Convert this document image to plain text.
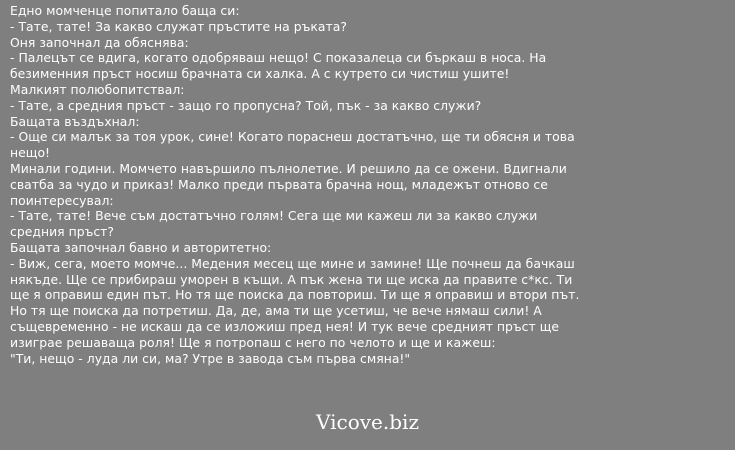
Едно момченце попитало баща си:
- Тате, тате! За какво служат пръстите на ръката?
Оня започнал да обяснява:
- Палецът се вдига, когато одобряваш нещо! С показалеца си бъркаш в носа. На
безименния пръст носиш брачната си халка. А с кутрето си чистиш ушите!
Малкият полюбопитствал:
- Тате, а средния пръст - защо го пропусна? Той, пък - за какво служи?
Бащата въздъхнал:
- Още си малък за тоя урок, сине! Когато пораснеш достатъчно, ще ти обясня и това
нещо!
Минали години. Момчето навършило пълнолетие. И решило да се ожени. Вдигнали
сватба за чудо и приказ! Малко преди първата брачна нощ, младежът отново се
поинтересувал:
- Тате, тате! Вече съм достатъчно голям! Сега ще ми кажеш ли за какво служи
средния пръст?
Бащата започнал бавно и авторитетно:
- Виж, сега, моето момче... Медения месец ще мине и замине! Ще почнеш да бачкаш
някъде. Ще се прибираш уморен в къщи. А пък жена ти ще иска да правите с*кс. Ти
ще я оправиш един път. Но тя ще поиска да повториш. Ти ще я оправиш и втори път.
Но тя ще поиска да потретиш. Да, де, ама ти ще усетиш, че вече нямаш сили! А
същевременно - не искаш да се изложиш пред нея! И тук вече средният пръст ще
изиграе решаваща роля! Ще я потропаш с него по челото и ще и кажеш:
"Ти, нещо - луда ли си, ма? Утре в завода съм първа смяна!"
Vicove.biz
